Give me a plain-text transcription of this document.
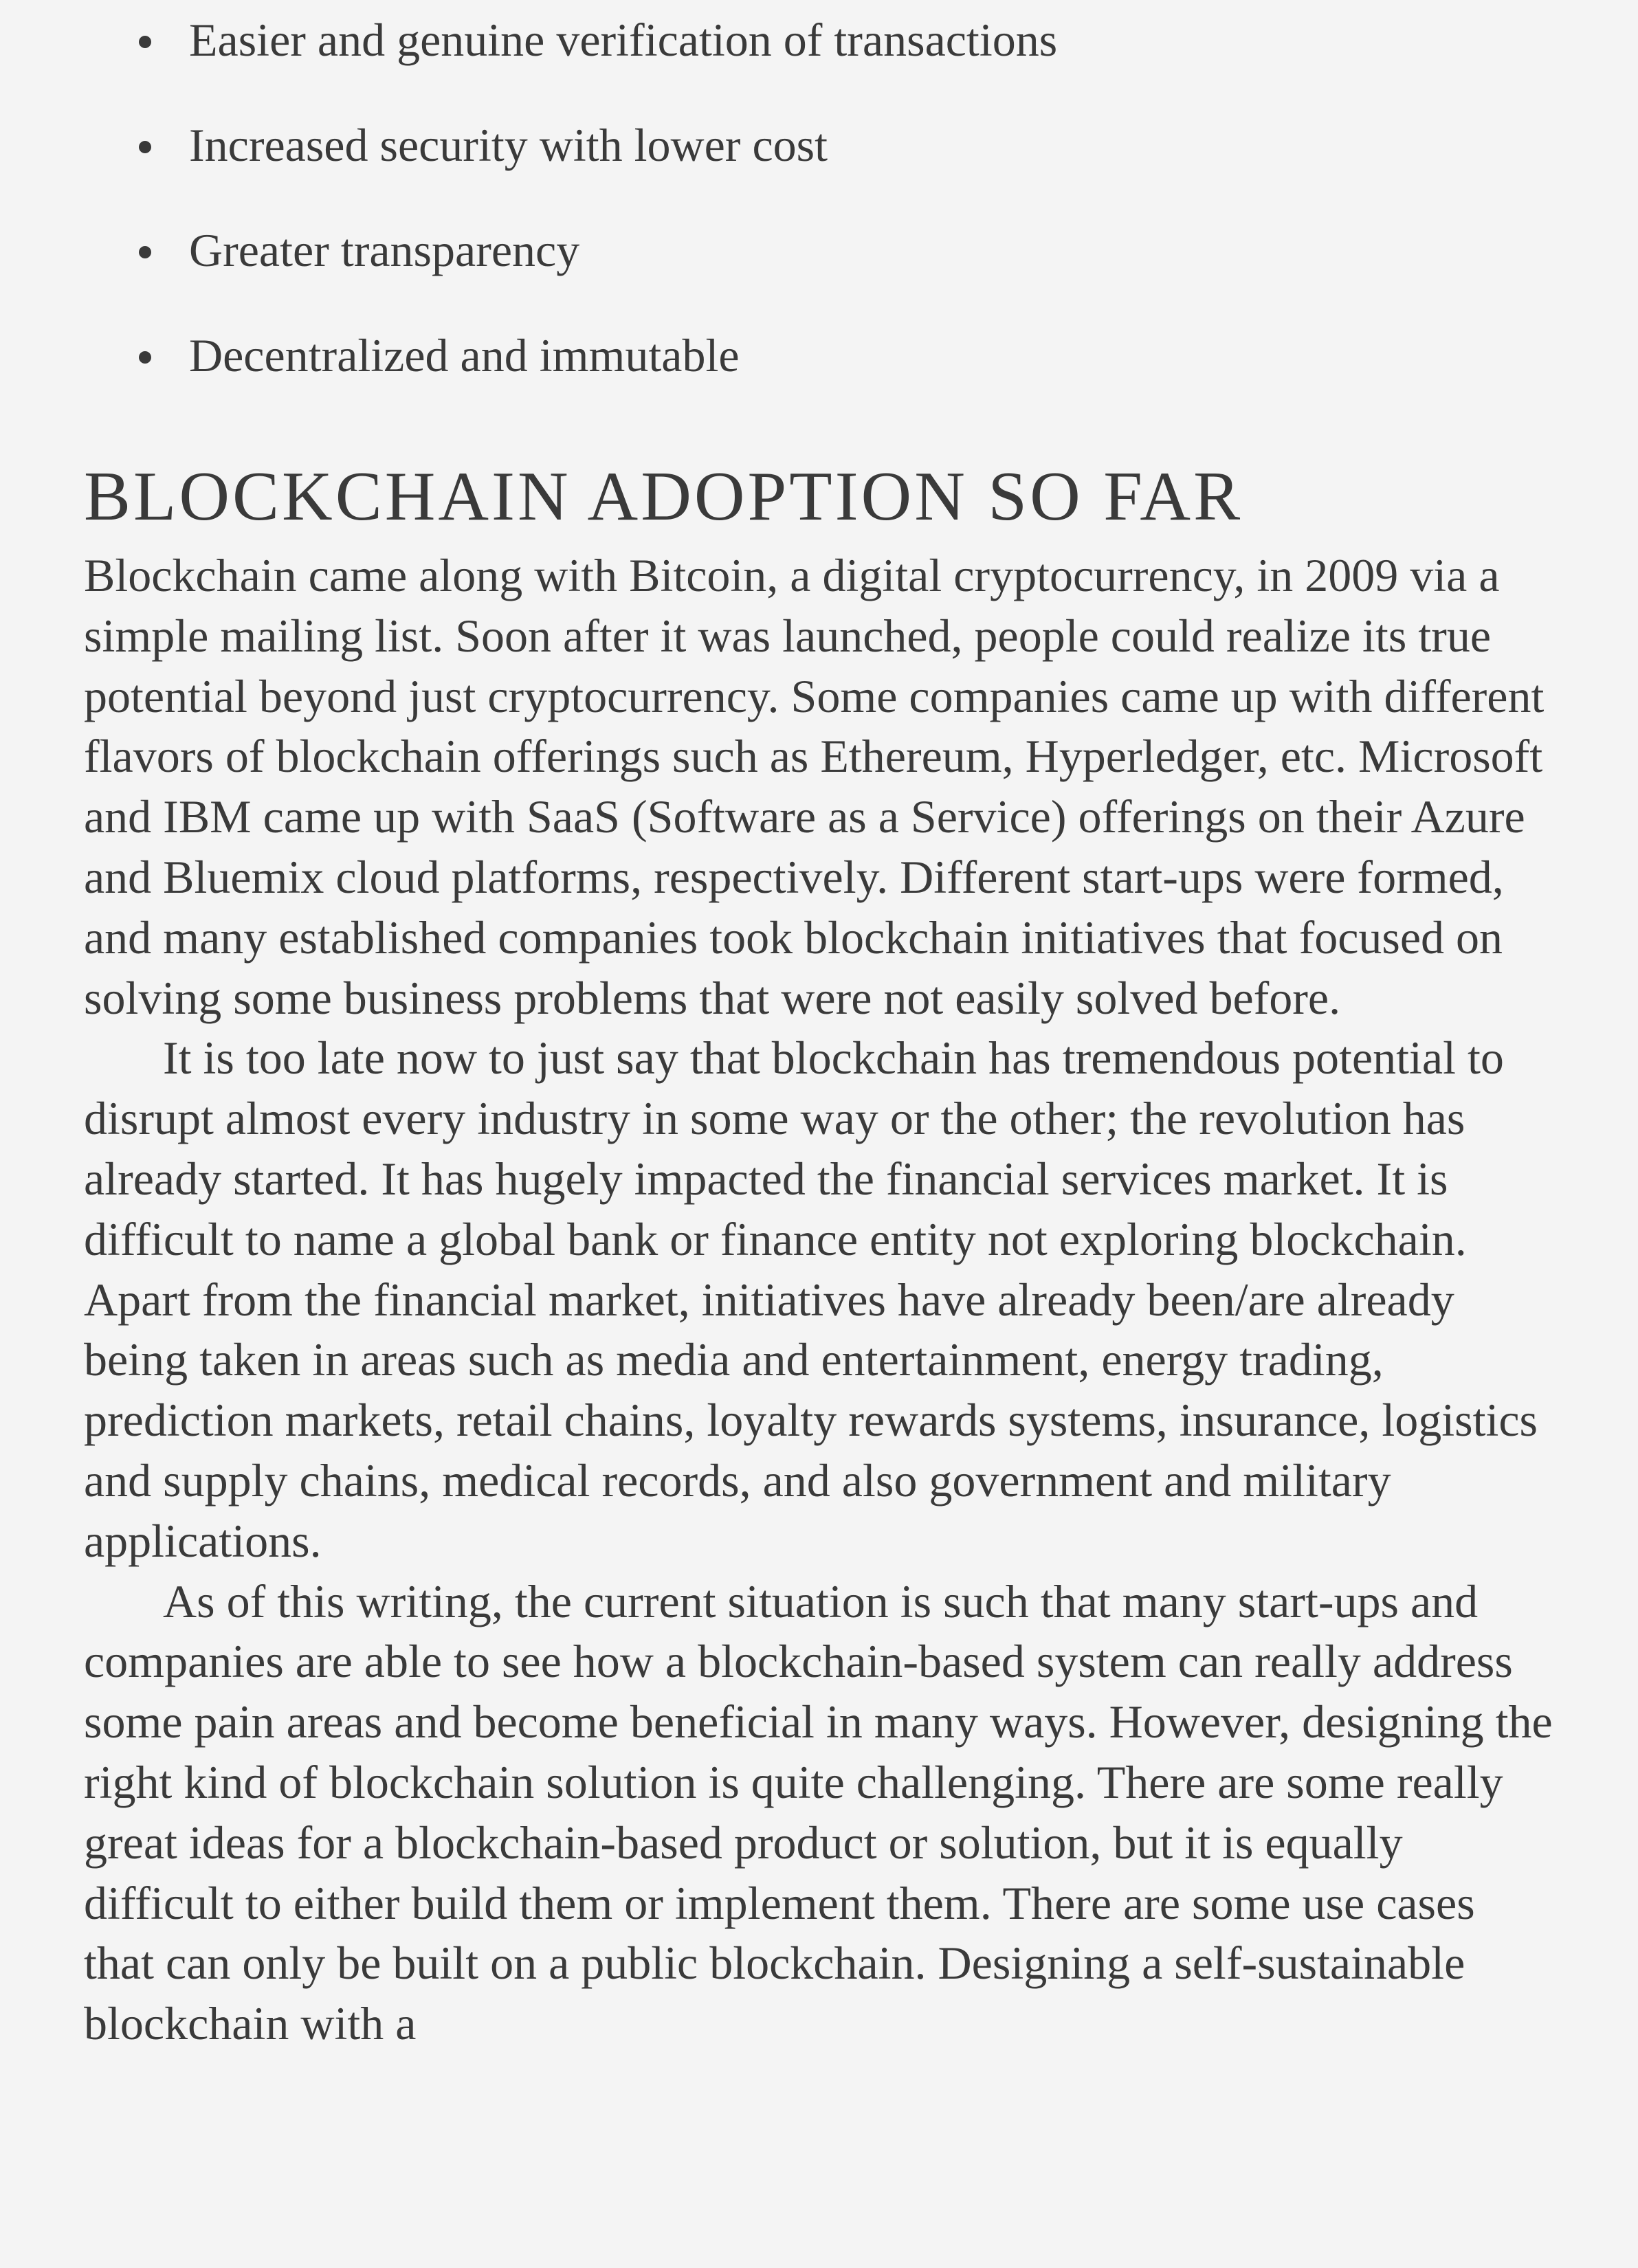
Easier and genuine verification of transactions
Increased security with lower cost
Greater transparency
Decentralized and immutable
BLOCKCHAIN ADOPTION SO FAR

Blockchain came along with Bitcoin, a digital cryptocurrency, in 2009 via a simple mailing list. Soon after it was launched, people could realize its true potential beyond just cryptocurrency. Some companies came up with different flavors of blockchain offerings such as Ethereum, Hyperledger, etc. Microsoft and IBM came up with SaaS (Software as a Service) offerings on their Azure and Bluemix cloud platforms, respectively. Different start-ups were formed, and many established companies took blockchain initiatives that focused on solving some business problems that were not easily solved before.

It is too late now to just say that blockchain has tremendous potential to disrupt almost every industry in some way or the other; the revolution has already started. It has hugely impacted the financial services market. It is difficult to name a global bank or finance entity not exploring blockchain. Apart from the financial market, initiatives have already been/are already being taken in areas such as media and entertainment, energy trading, prediction markets, retail chains, loyalty rewards systems, insurance, logistics and supply chains, medical records, and also government and military applications.

As of this writing, the current situation is such that many start-ups and companies are able to see how a blockchain-based system can really address some pain areas and become beneficial in many ways. However, designing the right kind of blockchain solution is quite challenging. There are some really great ideas for a blockchain-based product or solution, but it is equally difficult to either build them or implement them. There are some use cases that can only be built on a public blockchain. Designing a self-sustainable blockchain with a
